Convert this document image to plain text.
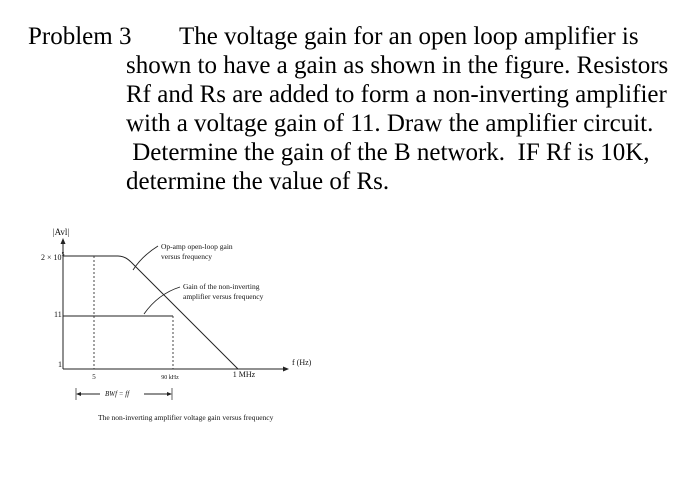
Problem 3	The voltage gain for an open loop amplifier is
shown to have a gain as shown in the figure. Resistors
Rf and Rs are added to form a non-inverting amplifier
with a voltage gain of 11. Draw the amplifier circuit.
Determine the gain of the B network.  IF Rf is 10K,
determine the value of Rs.
|Avl|
$2 \times 10^5$
11
1
5	90 kHz	1 MHz
f (Hz)
Op-amp open-loop gain
versus frequency
Gain of the non-inverting
amplifier versus frequency
BWf = ff
The non-inverting amplifier voltage gain versus frequency
